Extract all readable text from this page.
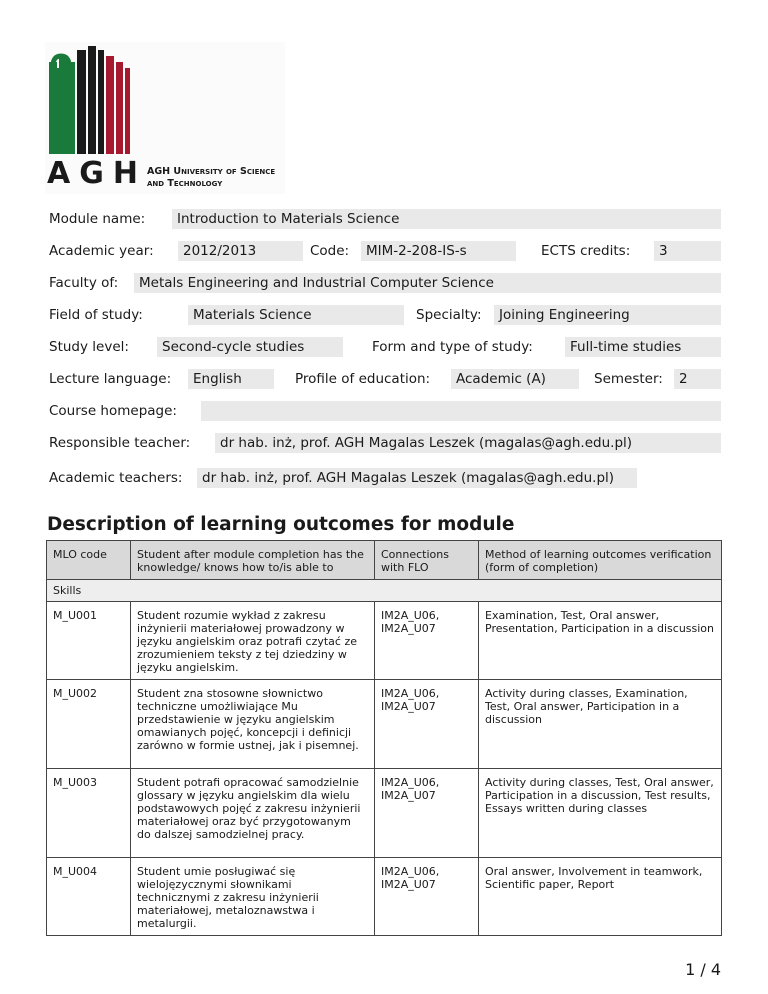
AGH AGH University of Science
and Technology
Module name:	Introduction to Materials Science
Academic year:	2012/2013	Code:	MIM-2-208-IS-s	ECTS credits:	3
Faculty of:	Metals Engineering and Industrial Computer Science
Field of study:	Materials Science	Specialty:	Joining Engineering
Study level:	Second-cycle studies	Form and type of study:	Full-time studies
Lecture language:	English	Profile of education:	Academic (A)	Semester:	2
Course homepage:
Responsible teacher:	dr hab. inż, prof. AGH Magalas Leszek (magalas@agh.edu.pl)
Academic teachers:	dr hab. inż, prof. AGH Magalas Leszek (magalas@agh.edu.pl)
Description of learning outcomes for module
MLO code	Student after module completion has the knowledge/ knows how to/is able to	Connections with FLO	Method of learning outcomes verification (form of completion)
Skills			
M_U001	Student rozumie wykład z zakresu inżynierii materiałowej prowadzony w języku angielskim oraz potrafi czytać ze zrozumieniem teksty z tej dziedziny w języku angielskim.	IM2A_U06, IM2A_U07	Examination, Test, Oral answer, Presentation, Participation in a discussion
M_U002	Student zna stosowne słownictwo techniczne umożliwiające Mu przedstawienie w języku angielskim omawianych pojęć, koncepcji i definicji zarówno w formie ustnej, jak i pisemnej.	IM2A_U06, IM2A_U07	Activity during classes, Examination, Test, Oral answer, Participation in a discussion
M_U003	Student potrafi opracować samodzielnie glossary w języku angielskim dla wielu podstawowych pojęć z zakresu inżynierii materiałowej oraz być przygotowanym do dalszej samodzielnej pracy.	IM2A_U06, IM2A_U07	Activity during classes, Test, Oral answer, Participation in a discussion, Test results, Essays written during classes
M_U004	Student umie posługiwać się wielojęzycznymi słownikami technicznymi z zakresu inżynierii materiałowej, metaloznawstwa i metalurgii.	IM2A_U06, IM2A_U07	Oral answer, Involvement in teamwork, Scientific paper, Report
1 / 4
